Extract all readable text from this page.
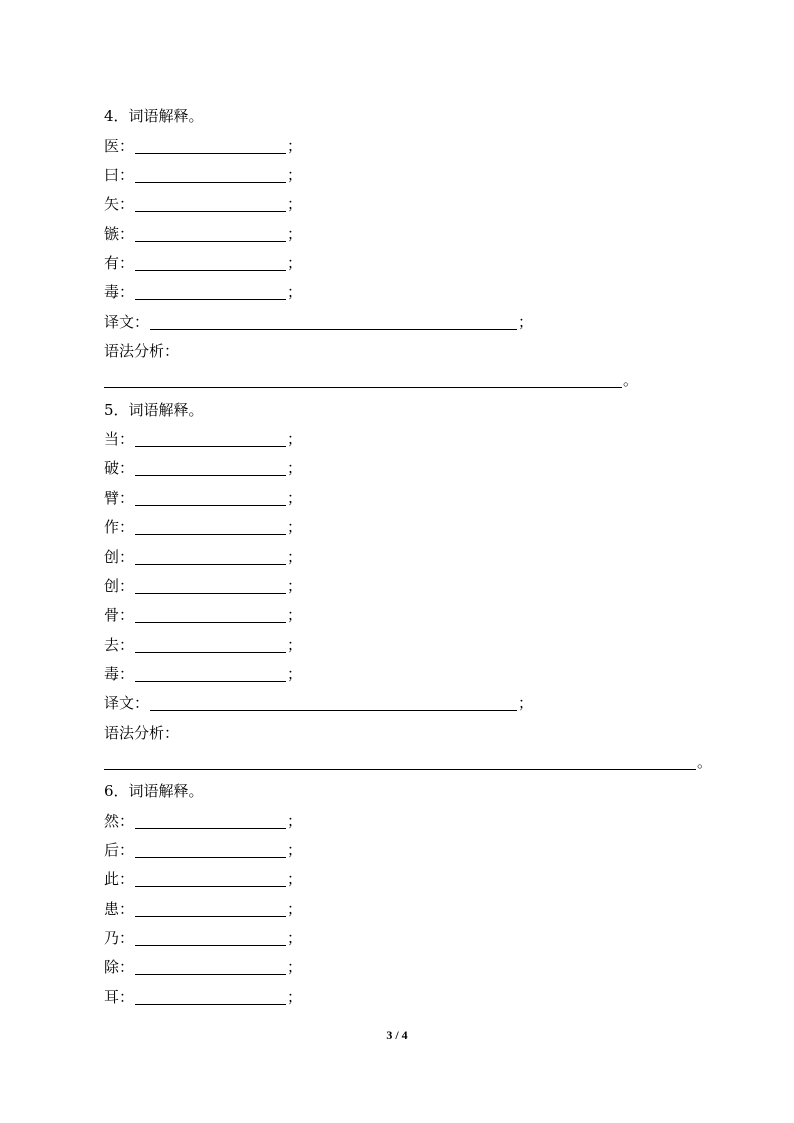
4．词语解释。
医 ：	；
曰 ：	；
矢 ：	；
镞 ：	；
有 ：	；
毒 ：	；
译文：	；
语法分析：
。
5．词语解释。
当 ：	；
破 ：	；
臂 ：	；
作 ：	；
创 ：	；
创 ：	；
骨 ：	；
去 ：	；
毒 ：	；
译文：	；
语法分析：
。
6．词语解释。
然 ：	；
后 ：	；
此 ：	；
患 ：	；
乃 ：	；
除 ：	；
耳 ：	；
3 / 4
